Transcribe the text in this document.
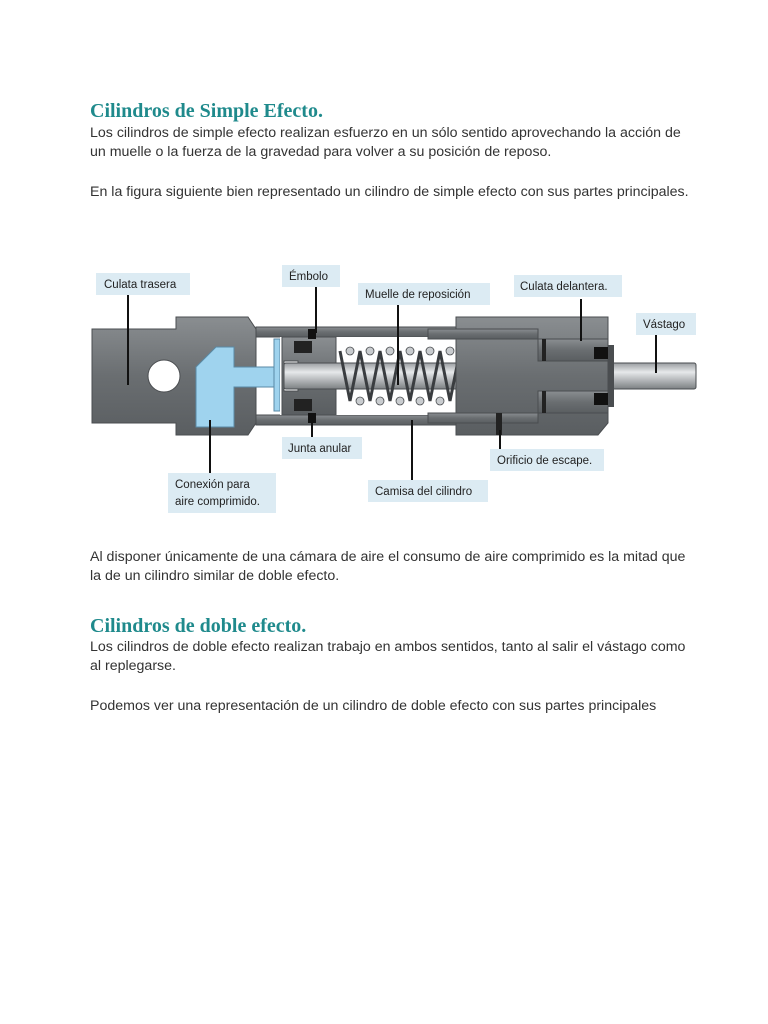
Cilindros de Simple Efecto.

Los cilindros de simple efecto realizan esfuerzo en un sólo sentido aprovechando la acción de un muelle o la fuerza de la gravedad para volver a su posición de reposo.

En la figura siguiente bien representado un cilindro de simple efecto con sus partes principales.

Culata trasera
Émbolo
Muelle de reposición
Culata delantera.
Vástago
Junta anular
Orificio de escape.
Conexión para
aire comprimido.
Camisa del cilindro

Al disponer únicamente de una cámara de aire el consumo de aire comprimido es la mitad que la de un cilindro similar de doble efecto.

Cilindros de doble efecto.

Los cilindros de doble efecto realizan trabajo en ambos sentidos, tanto al salir el vástago como al replegarse.

Podemos ver una representación de un cilindro de doble efecto con sus partes principales
